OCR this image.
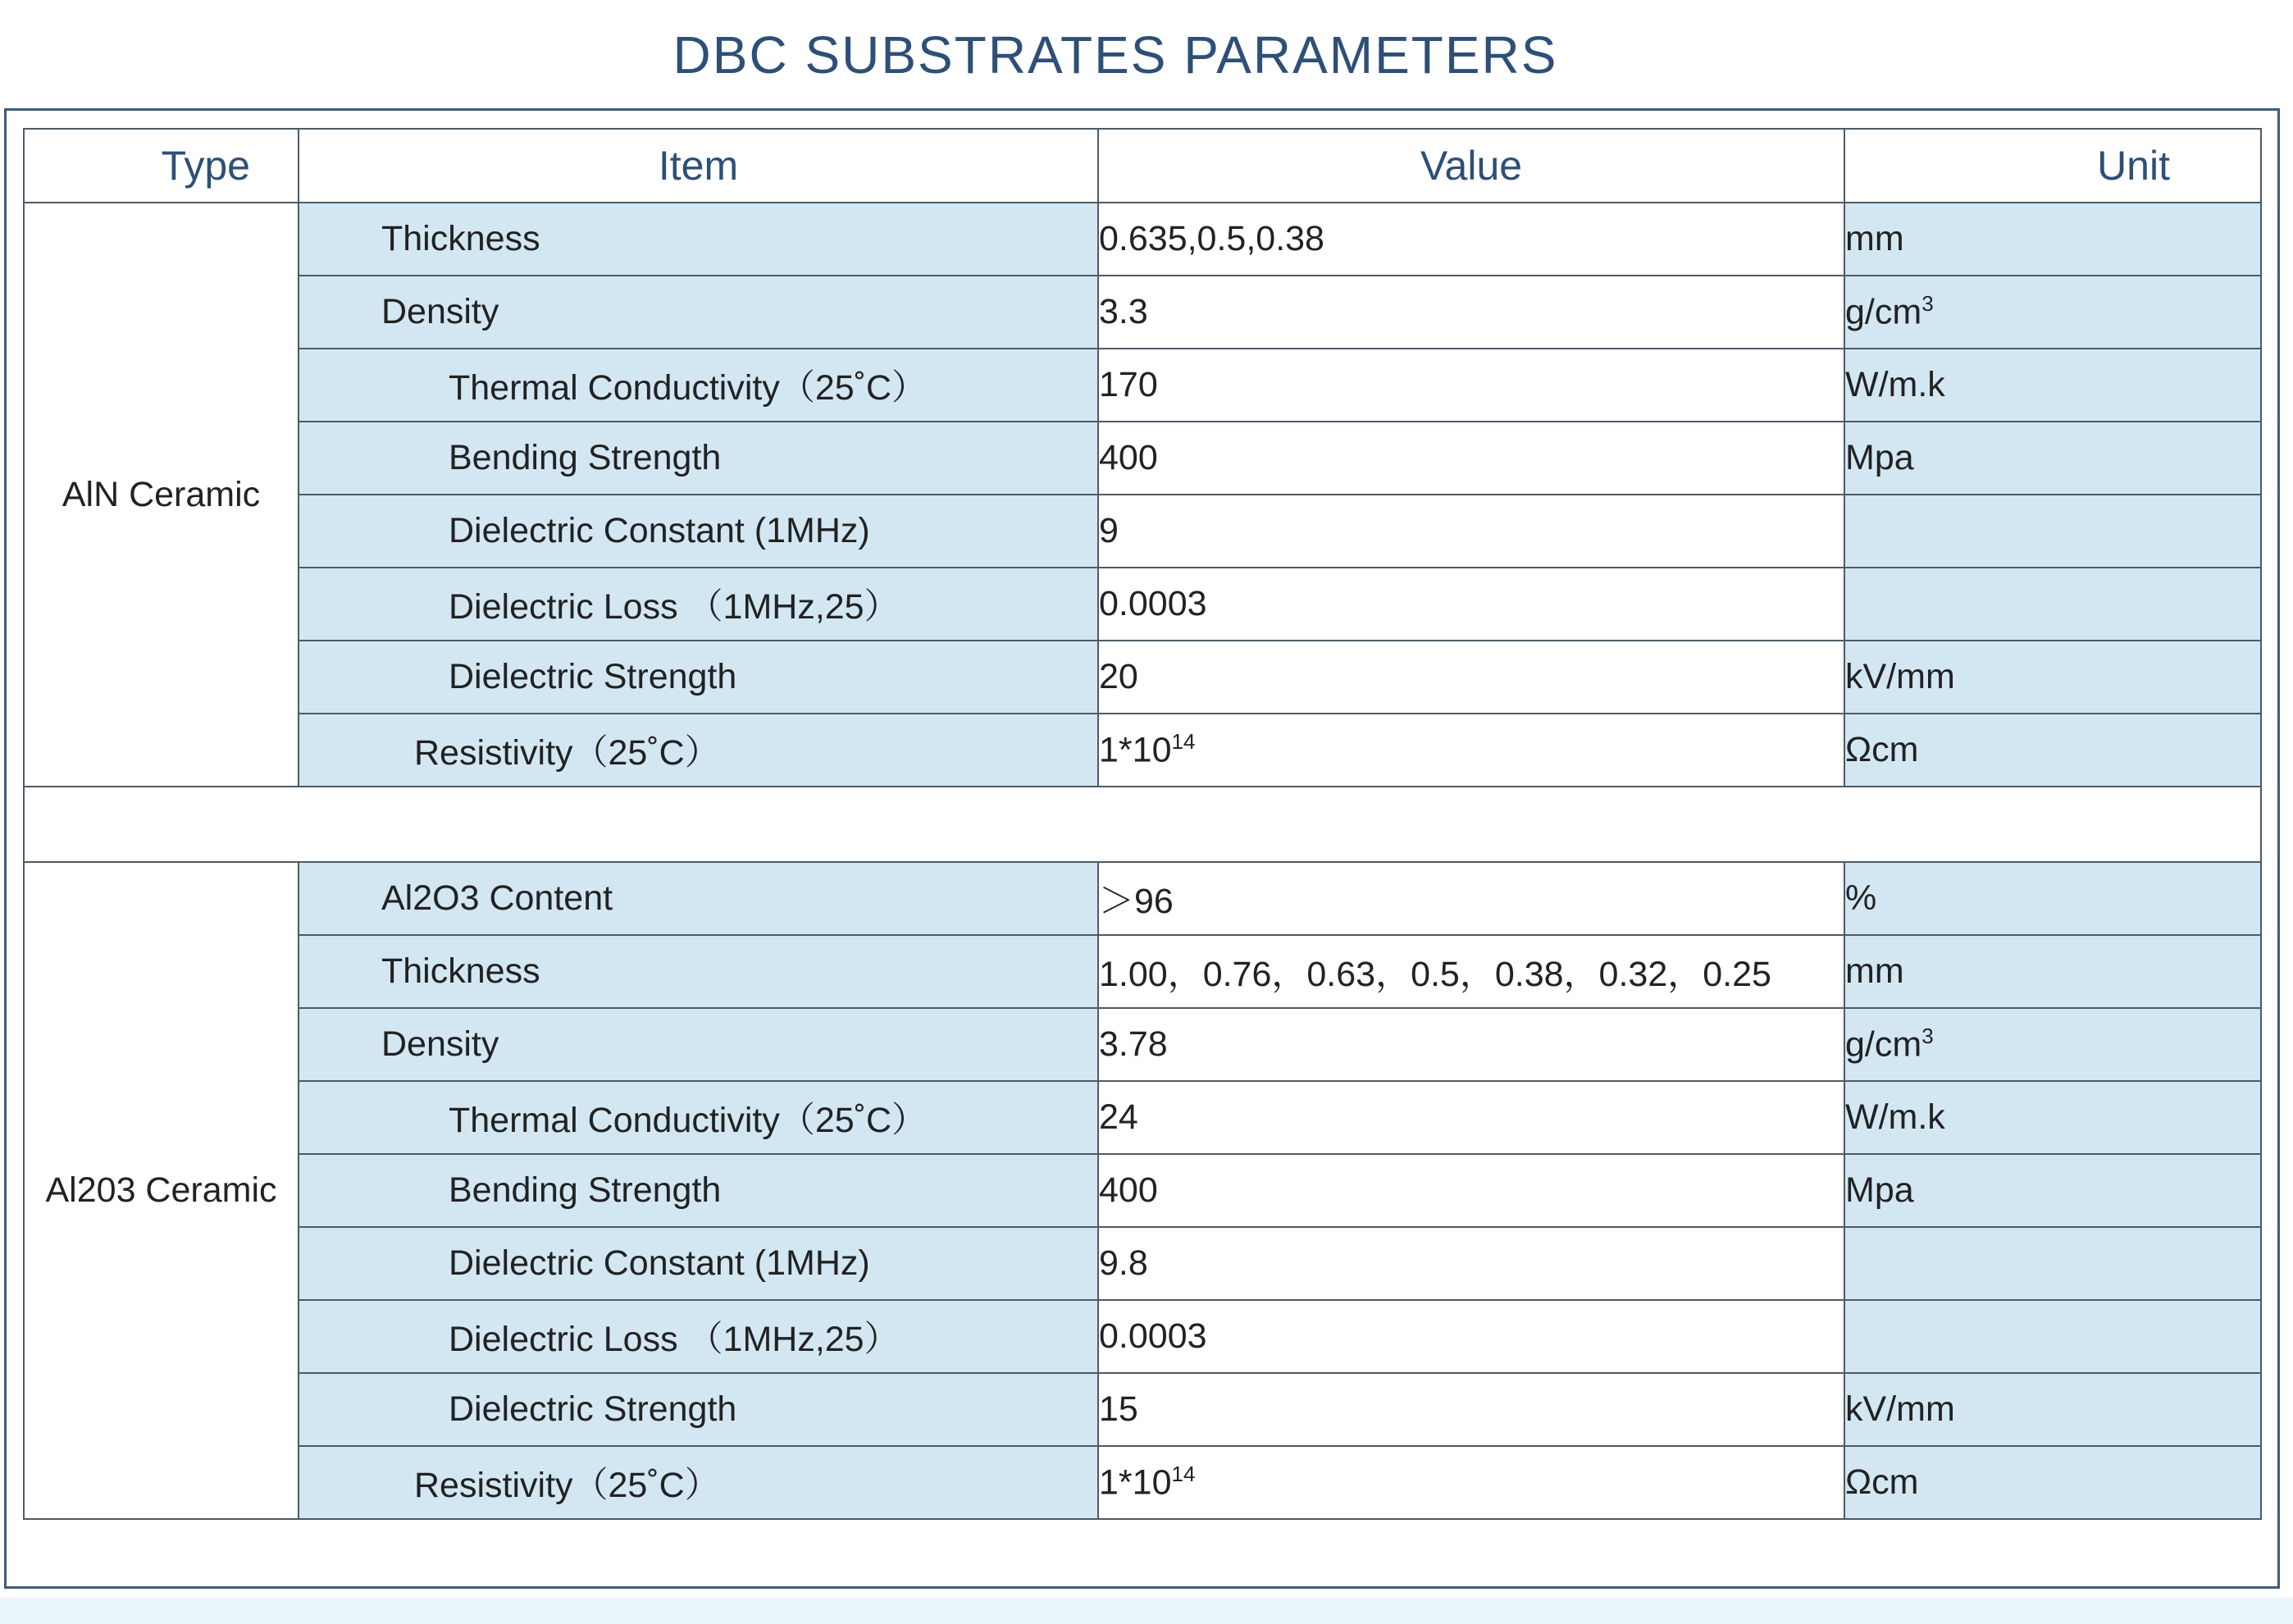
DBC SUBSTRATES PARAMETERS
Type	Item	Value	Unit
AlN Ceramic	Thickness	0.635,0.5,0.38	mm
	Density	3.3	$g/cm^3$
	Thermal Conductivity（25˚C）	170	W/m.k
	Bending Strength	400	Mpa
	Dielectric Constant (1MHz)	9	
	Dielectric Loss （1MHz,25）	0.0003	
	Dielectric Strength	20	kV/mm
	Resistivity（25˚C）	$1*10^{14}$	Ωcm

Al203 Ceramic	Al2O3 Content	＞96	%
	Thickness	1.00，0.76，0.63，0.5，0.38，0.32，0.25	mm
	Density	3.78	$g/cm^3$
	Thermal Conductivity（25˚C）	24	W/m.k
	Bending Strength	400	Mpa
	Dielectric Constant (1MHz)	9.8	
	Dielectric Loss （1MHz,25）	0.0003	
	Dielectric Strength	15	kV/mm
	Resistivity（25˚C）	$1*10^{14}$	Ωcm
